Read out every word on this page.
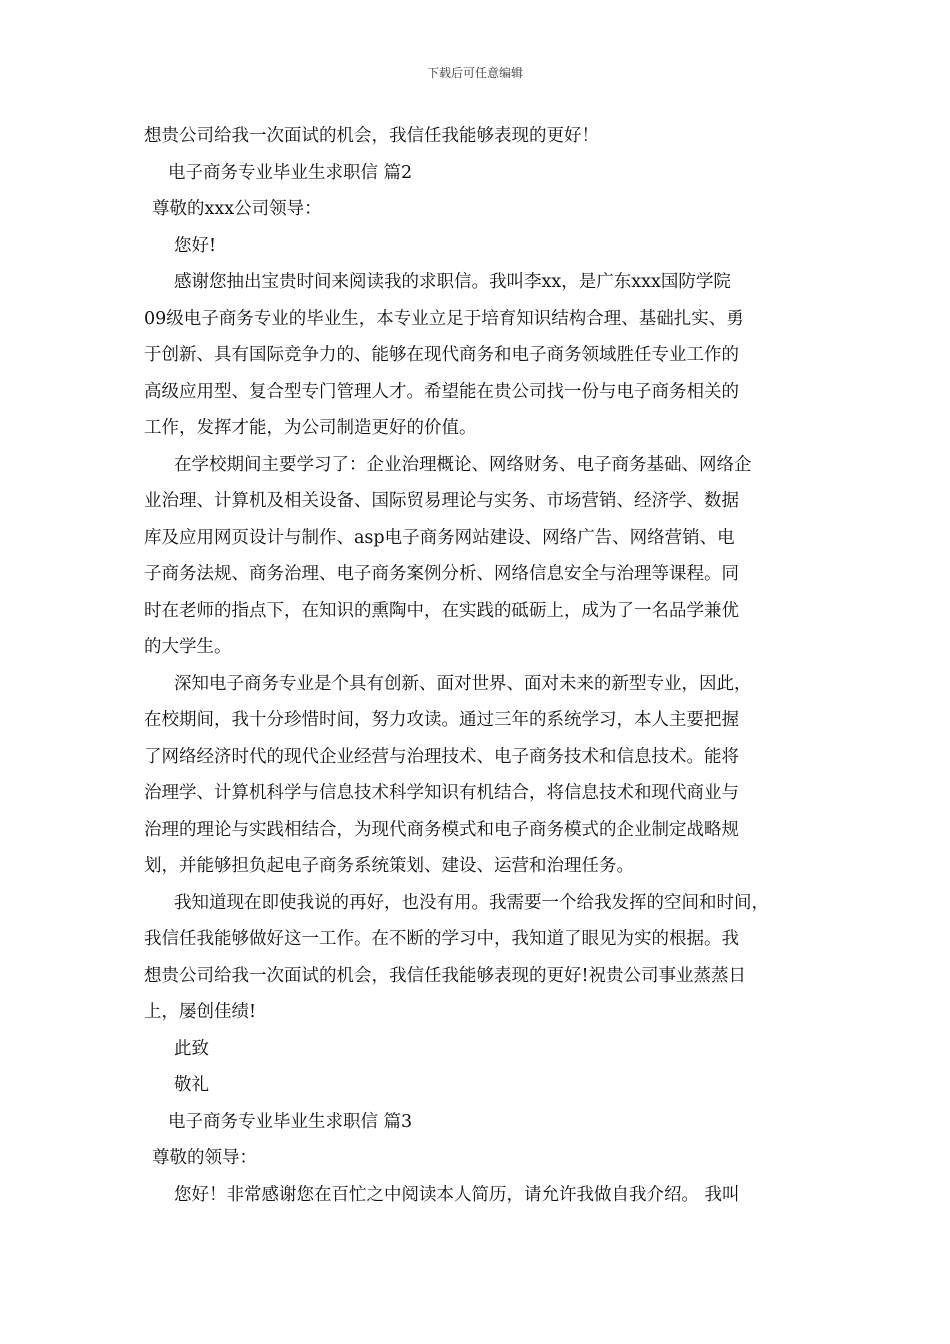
下载后可任意编辑
想贵公司给我一次面试的机会，我信任我能够表现的更好！
电子商务专业毕业生求职信 篇2
尊敬的xxx公司领导：
您好!
感谢您抽出宝贵时间来阅读我的求职信。我叫李xx，是广东xxx国防学院
09级电子商务专业的毕业生，本专业立足于培育知识结构合理、基础扎实、勇
于创新、具有国际竞争力的、能够在现代商务和电子商务领域胜任专业工作的
高级应用型、复合型专门管理人才。希望能在贵公司找一份与电子商务相关的
工作，发挥才能，为公司制造更好的价值。
在学校期间主要学习了：企业治理概论、网络财务、电子商务基础、网络企
业治理、计算机及相关设备、国际贸易理论与实务、市场营销、经济学、数据
库及应用网页设计与制作、asp电子商务网站建设、网络广告、网络营销、电
子商务法规、商务治理、电子商务案例分析、网络信息安全与治理等课程。同
时在老师的指点下，在知识的熏陶中，在实践的砥砺上，成为了一名品学兼优
的大学生。
深知电子商务专业是个具有创新、面对世界、面对未来的新型专业，因此，
在校期间，我十分珍惜时间，努力攻读。通过三年的系统学习，本人主要把握
了网络经济时代的现代企业经营与治理技术、电子商务技术和信息技术。能将
治理学、计算机科学与信息技术科学知识有机结合，将信息技术和现代商业与
治理的理论与实践相结合，为现代商务模式和电子商务模式的企业制定战略规
划，并能够担负起电子商务系统策划、建设、运营和治理任务。
我知道现在即使我说的再好，也没有用。我需要一个给我发挥的空间和时间，
我信任我能够做好这一工作。在不断的学习中，我知道了眼见为实的根据。我
想贵公司给我一次面试的机会，我信任我能够表现的更好!祝贵公司事业蒸蒸日
上，屡创佳绩!
此致
敬礼
电子商务专业毕业生求职信 篇3
尊敬的领导：
您好！非常感谢您在百忙之中阅读本人简历，请允许我做自我介绍。 我叫
